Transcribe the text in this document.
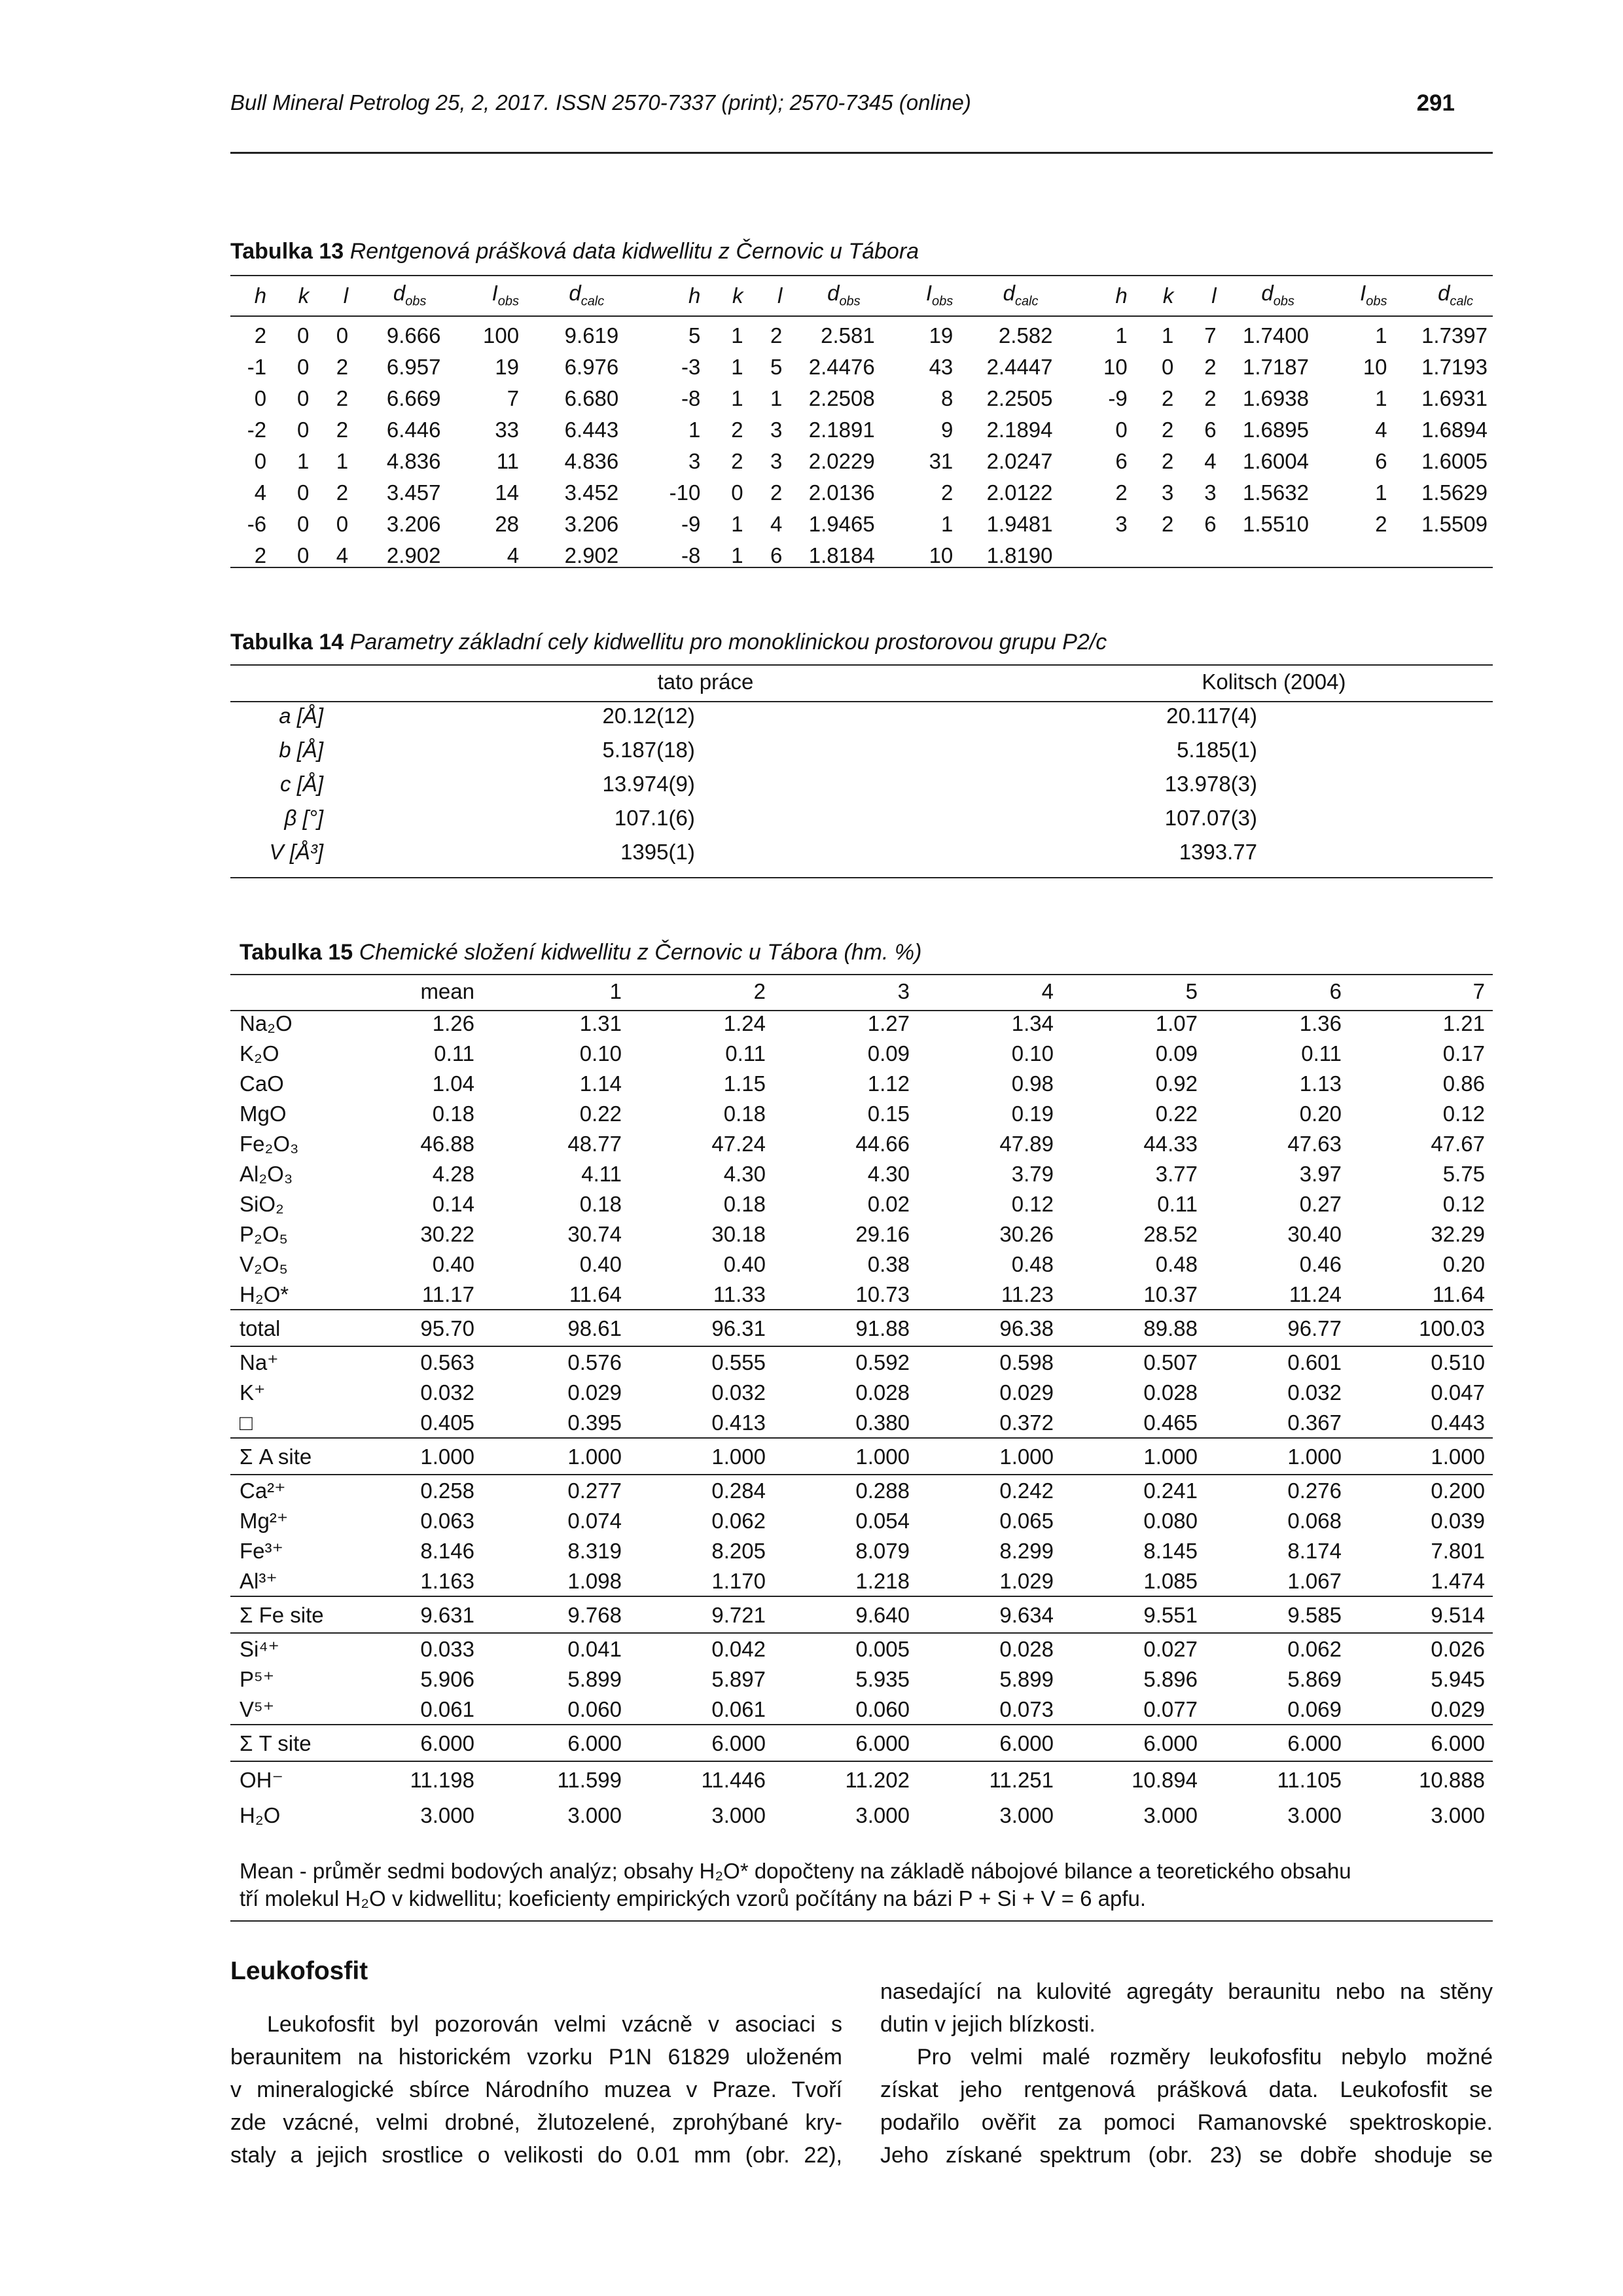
Bull Mineral Petrolog 25, 2, 2017. ISSN 2570-7337 (print); 2570-7345 (online)	291
Tabulka 13 Rentgenová prášková data kidwellitu z Černovic u Tábora
h	k	l	$d_{obs}$	$I_{obs}$	$d_{calc}$	h	k	l	$d_{obs}$	$I_{obs}$	$d_{calc}$	h	k	l	$d_{obs}$	$I_{obs}$	$d_{calc}$
2	0	0	9.666	100	9.619	5	1	2	2.581	19	2.582	1	1	7	1.7400	1	1.7397
-1	0	2	6.957	19	6.976	-3	1	5	2.4476	43	2.4447	10	0	2	1.7187	10	1.7193
0	0	2	6.669	7	6.680	-8	1	1	2.2508	8	2.2505	-9	2	2	1.6938	1	1.6931
-2	0	2	6.446	33	6.443	1	2	3	2.1891	9	2.1894	0	2	6	1.6895	4	1.6894
0	1	1	4.836	11	4.836	3	2	3	2.0229	31	2.0247	6	2	4	1.6004	6	1.6005
4	0	2	3.457	14	3.452	-10	0	2	2.0136	2	2.0122	2	3	3	1.5632	1	1.5629
-6	0	0	3.206	28	3.206	-9	1	4	1.9465	1	1.9481	3	2	6	1.5510	2	1.5509
2	0	4	2.902	4	2.902	-8	1	6	1.8184	10	1.8190						
Tabulka 14 Parametry základní cely kidwellitu pro monoklinickou prostorovou grupu P2/c
	tato práce	Kolitsch (2004)
a [Å]	20.12(12)	20.117(4)
b [Å]	5.187(18)	5.185(1)
c [Å]	13.974(9)	13.978(3)
β [°]	107.1(6)	107.07(3)
V [Å³]	1395(1)	1393.77
Tabulka 15 Chemické složení kidwellitu z Černovic u Tábora (hm. %)
	mean	1	2	3	4	5	6	7
Na₂O	1.26	1.31	1.24	1.27	1.34	1.07	1.36	1.21
K₂O	0.11	0.10	0.11	0.09	0.10	0.09	0.11	0.17
CaO	1.04	1.14	1.15	1.12	0.98	0.92	1.13	0.86
MgO	0.18	0.22	0.18	0.15	0.19	0.22	0.20	0.12
Fe₂O₃	46.88	48.77	47.24	44.66	47.89	44.33	47.63	47.67
Al₂O₃	4.28	4.11	4.30	4.30	3.79	3.77	3.97	5.75
SiO₂	0.14	0.18	0.18	0.02	0.12	0.11	0.27	0.12
P₂O₅	30.22	30.74	30.18	29.16	30.26	28.52	30.40	32.29
V₂O₅	0.40	0.40	0.40	0.38	0.48	0.48	0.46	0.20
H₂O*	11.17	11.64	11.33	10.73	11.23	10.37	11.24	11.64
total	95.70	98.61	96.31	91.88	96.38	89.88	96.77	100.03
Na⁺	0.563	0.576	0.555	0.592	0.598	0.507	0.601	0.510
K⁺	0.032	0.029	0.032	0.028	0.029	0.028	0.032	0.047
□	0.405	0.395	0.413	0.380	0.372	0.465	0.367	0.443
Σ A site	1.000	1.000	1.000	1.000	1.000	1.000	1.000	1.000
Ca²⁺	0.258	0.277	0.284	0.288	0.242	0.241	0.276	0.200
Mg²⁺	0.063	0.074	0.062	0.054	0.065	0.080	0.068	0.039
Fe³⁺	8.146	8.319	8.205	8.079	8.299	8.145	8.174	7.801
Al³⁺	1.163	1.098	1.170	1.218	1.029	1.085	1.067	1.474
Σ Fe site	9.631	9.768	9.721	9.640	9.634	9.551	9.585	9.514
Si⁴⁺	0.033	0.041	0.042	0.005	0.028	0.027	0.062	0.026
P⁵⁺	5.906	5.899	5.897	5.935	5.899	5.896	5.869	5.945
V⁵⁺	0.061	0.060	0.061	0.060	0.073	0.077	0.069	0.029
Σ T site	6.000	6.000	6.000	6.000	6.000	6.000	6.000	6.000
OH⁻	11.198	11.599	11.446	11.202	11.251	10.894	11.105	10.888
H₂O	3.000	3.000	3.000	3.000	3.000	3.000	3.000	3.000
Mean - průměr sedmi bodových analýz; obsahy H₂O* dopočteny na základě nábojové bilance a teoretického obsahu
tří molekul H₂O v kidwellitu; koeficienty empirických vzorů počítány na bázi P + Si + V = 6 apfu.
Leukofosfit
Leukofosfit byl pozorován velmi vzácně v asociaci s
beraunitem na historickém vzorku P1N 61829 uloženém
v mineralogické sbírce Národního muzea v Praze. Tvoří
zde vzácné, velmi drobné, žlutozelené, zprohýbané kry-
staly a jejich srostlice o velikosti do 0.01 mm (obr. 22),
nasedající na kulovité agregáty beraunitu nebo na stěny
dutin v jejich blízkosti.
Pro velmi malé rozměry leukofosfitu nebylo možné
získat jeho rentgenová prášková data. Leukofosfit se
podařilo ověřit za pomoci Ramanovské spektroskopie.
Jeho získané spektrum (obr. 23) se dobře shoduje se
